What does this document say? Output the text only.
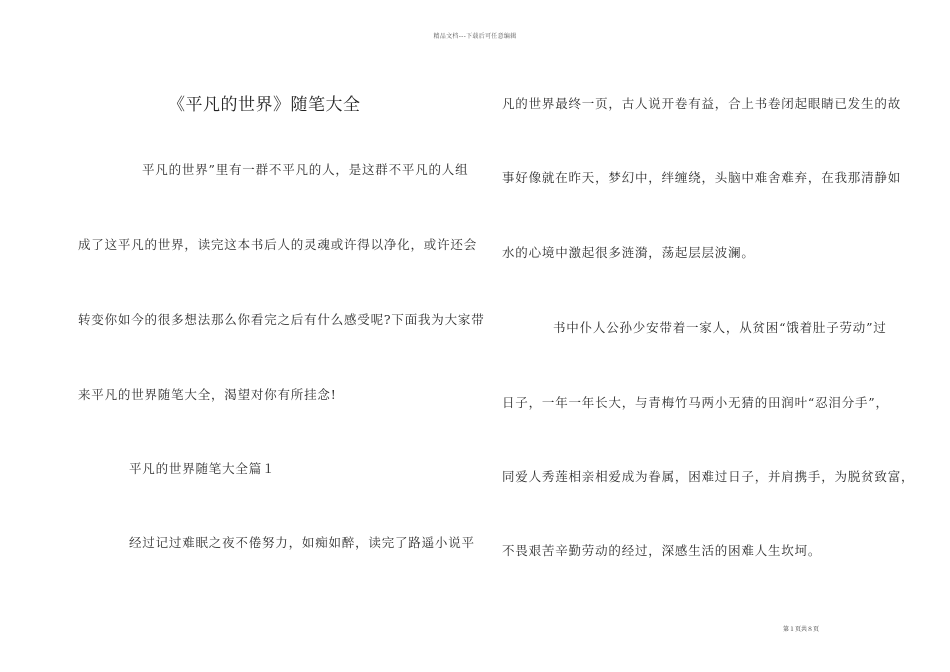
精品文档---下载后可任意编辑
《平凡的世界》随笔大全
平凡的世界”里有一群不平凡的人，是这群不平凡的人组
成了这平凡的世界，读完这本书后人的灵魂或许得以净化，或许还会
转变你如今的很多想法那么你看完之后有什么感受呢?下面我为大家带
来平凡的世界随笔大全，渴望对你有所挂念!
平凡的世界随笔大全篇１
经过记过难眠之夜不倦努力，如痴如醉，读完了路遥小说平
凡的世界最终一页，古人说开卷有益，合上书卷闭起眼睛已发生的故
事好像就在昨天，梦幻中，绊缠绕，头脑中难舍难弃，在我那清静如
水的心境中激起很多涟漪，荡起层层波澜。
书中仆人公孙少安带着一家人，从贫困“饿着肚子劳动”过
日子，一年一年长大，与青梅竹马两小无猜的田润叶“忍泪分手”，
同爱人秀莲相亲相爱成为眷属，困难过日子，并肩携手，为脱贫致富，
不畏艰苦辛勤劳动的经过，深感生活的困难人生坎坷。
第１页共８页
